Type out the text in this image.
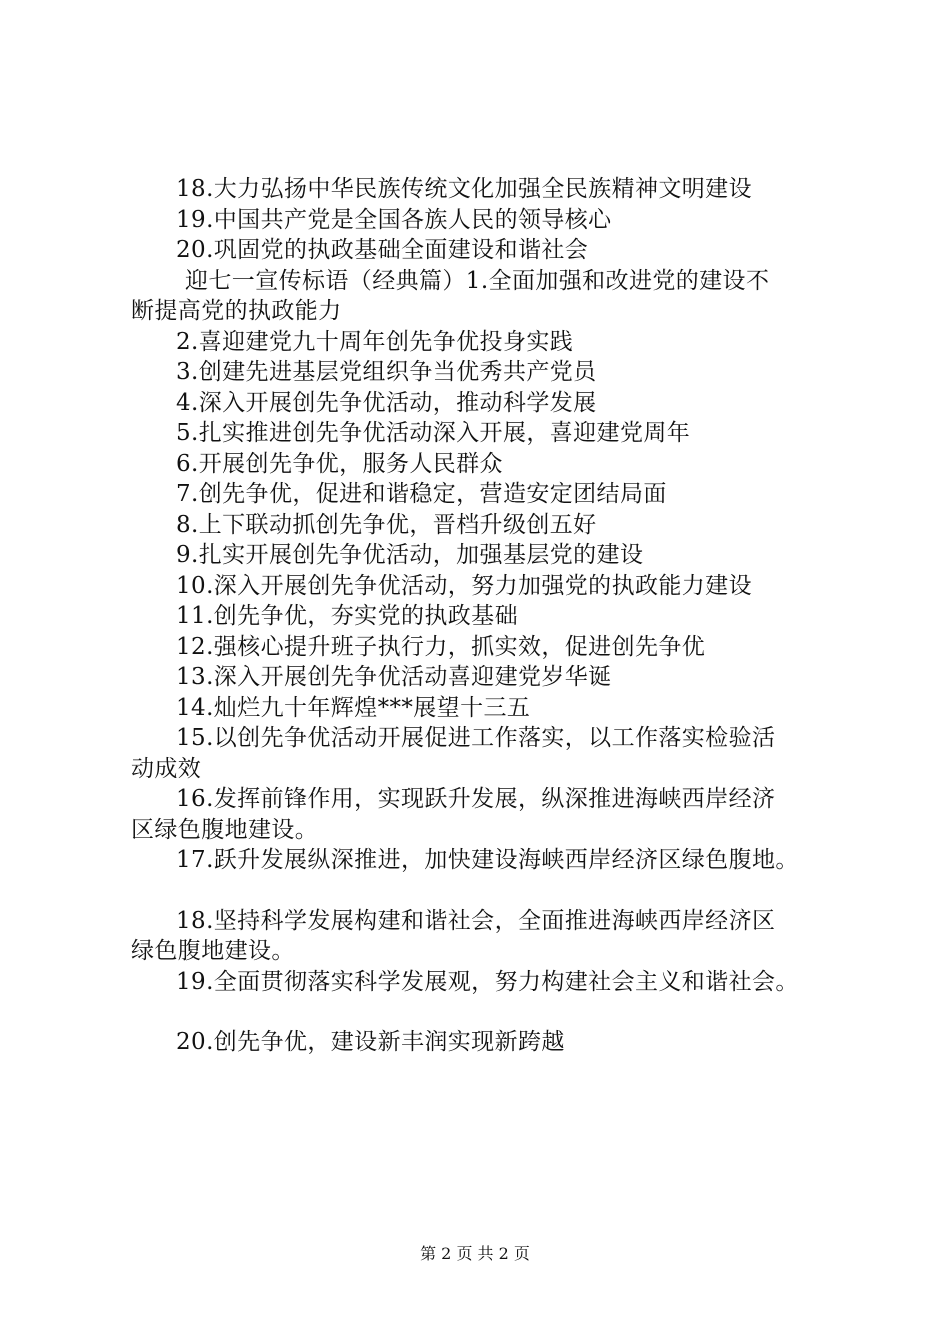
18.大力弘扬中华民族传统文化加强全民族精神文明建设
19.中国共产党是全国各族人民的领导核心
20.巩固党的执政基础全面建设和谐社会
迎七一宣传标语（经典篇）1.全面加强和改进党的建设不
断提高党的执政能力
2.喜迎建党九十周年创先争优投身实践
3.创建先进基层党组织争当优秀共产党员
4.深入开展创先争优活动，推动科学发展
5.扎实推进创先争优活动深入开展，喜迎建党周年
6.开展创先争优，服务人民群众
7.创先争优，促进和谐稳定，营造安定团结局面
8.上下联动抓创先争优，晋档升级创五好
9.扎实开展创先争优活动，加强基层党的建设
10.深入开展创先争优活动，努力加强党的执政能力建设
11.创先争优，夯实党的执政基础
12.强核心提升班子执行力，抓实效，促进创先争优
13.深入开展创先争优活动喜迎建党岁华诞
14.灿烂九十年辉煌***展望十三五
15.以创先争优活动开展促进工作落实，以工作落实检验活
动成效
16.发挥前锋作用，实现跃升发展，纵深推进海峡西岸经济
区绿色腹地建设。
17.跃升发展纵深推进，加快建设海峡西岸经济区绿色腹地。
18.坚持科学发展构建和谐社会，全面推进海峡西岸经济区
绿色腹地建设。
19.全面贯彻落实科学发展观，努力构建社会主义和谐社会。
20.创先争优，建设新丰润实现新跨越
第 2 页 共 2 页
